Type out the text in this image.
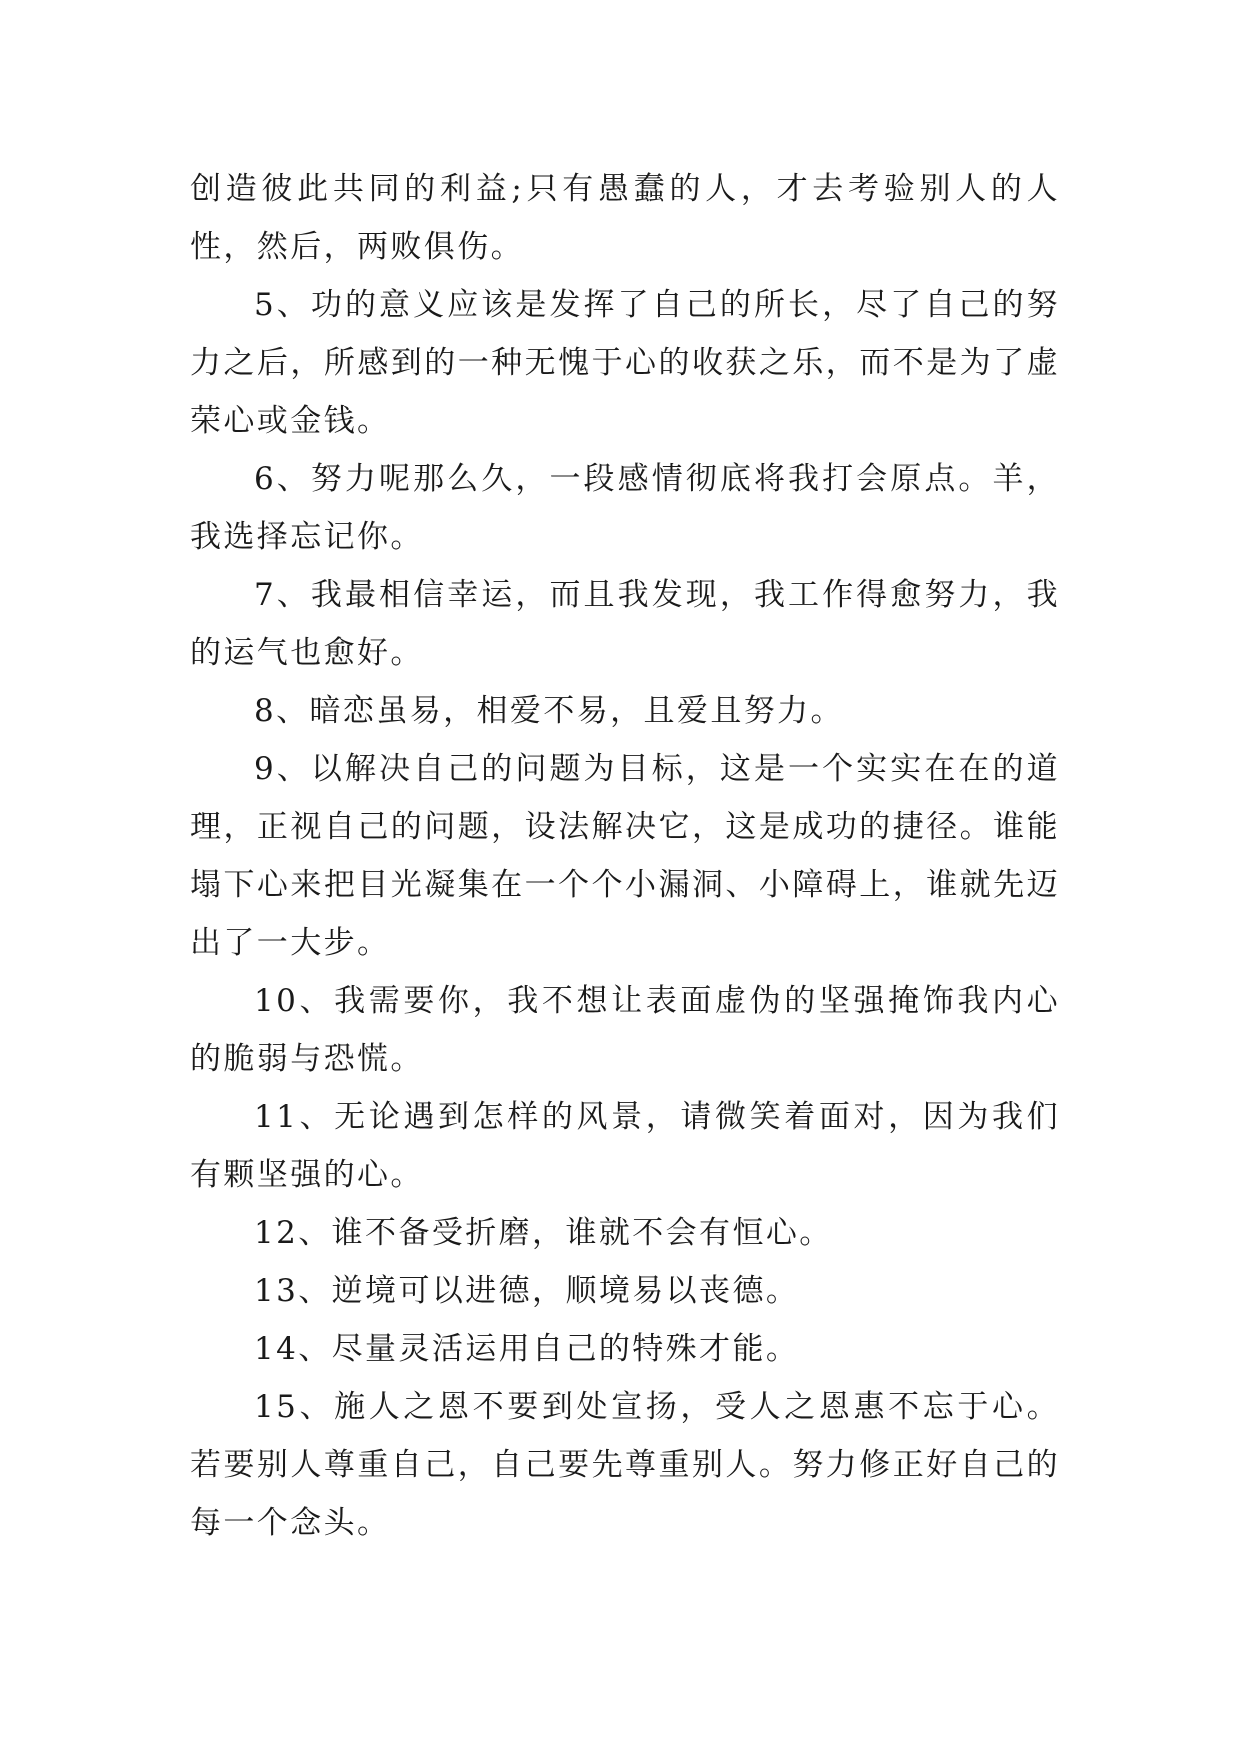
创造彼此共同的利益;只有愚蠢的人，才去考验别人的人性，然后，两败俱伤。

5、功的意义应该是发挥了自己的所长，尽了自己的努力之后，所感到的一种无愧于心的收获之乐，而不是为了虚荣心或金钱。

6、努力呢那么久，一段感情彻底将我打会原点。羊，我选择忘记你。

7、我最相信幸运，而且我发现，我工作得愈努力，我的运气也愈好。

8、暗恋虽易，相爱不易，且爱且努力。

9、以解决自己的问题为目标，这是一个实实在在的道理，正视自己的问题，设法解决它，这是成功的捷径。谁能塌下心来把目光凝集在一个个小漏洞、小障碍上，谁就先迈出了一大步。

10、我需要你，我不想让表面虚伪的坚强掩饰我内心的脆弱与恐慌。

11、无论遇到怎样的风景，请微笑着面对，因为我们有颗坚强的心。

12、谁不备受折磨，谁就不会有恒心。

13、逆境可以进德，顺境易以丧德。

14、尽量灵活运用自己的特殊才能。

15、施人之恩不要到处宣扬，受人之恩惠不忘于心。若要别人尊重自己，自己要先尊重别人。努力修正好自己的每一个念头。
